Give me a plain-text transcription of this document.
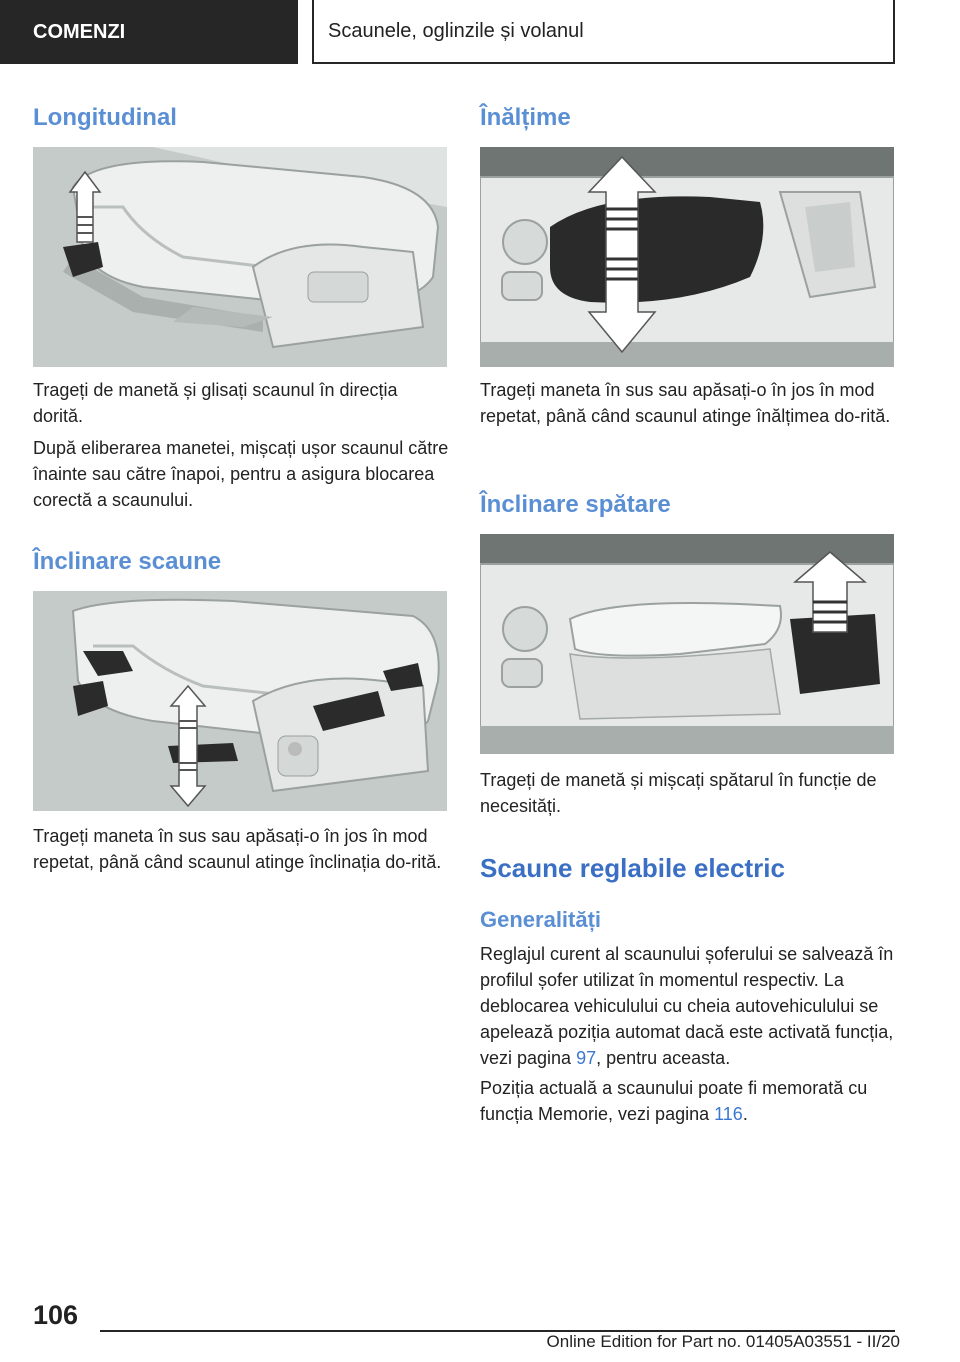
COMENZI	Scaunele, oglinzile și volanul
Longitudinal

Trageți de manetă și glisați scaunul în direcția dorită.

După eliberarea manetei, mișcați ușor scaunul către înainte sau către înapoi, pentru a asigura blocarea corectă a scaunului.

Înclinare scaune

Trageți maneta în sus sau apăsați-o în jos în mod repetat, până când scaunul atinge înclinația do-rită.

Înălțime

Trageți maneta în sus sau apăsați-o în jos în mod repetat, până când scaunul atinge înălțimea do-rită.

Înclinare spătare

Trageți de manetă și mișcați spătarul în funcție de necesități.

Scaune reglabile electric
Generalități

Reglajul curent al scaunului șoferului se salvează în profilul șofer utilizat în momentul respectiv. La deblocarea vehiculului cu cheia autovehiculului se apelează poziția automat dacă este activată funcția, vezi pagina 97, pentru aceasta.

Poziția actuală a scaunului poate fi memorată cu funcția Memorie, vezi pagina 116.

106
Online Edition for Part no. 01405A03551 - II/20
